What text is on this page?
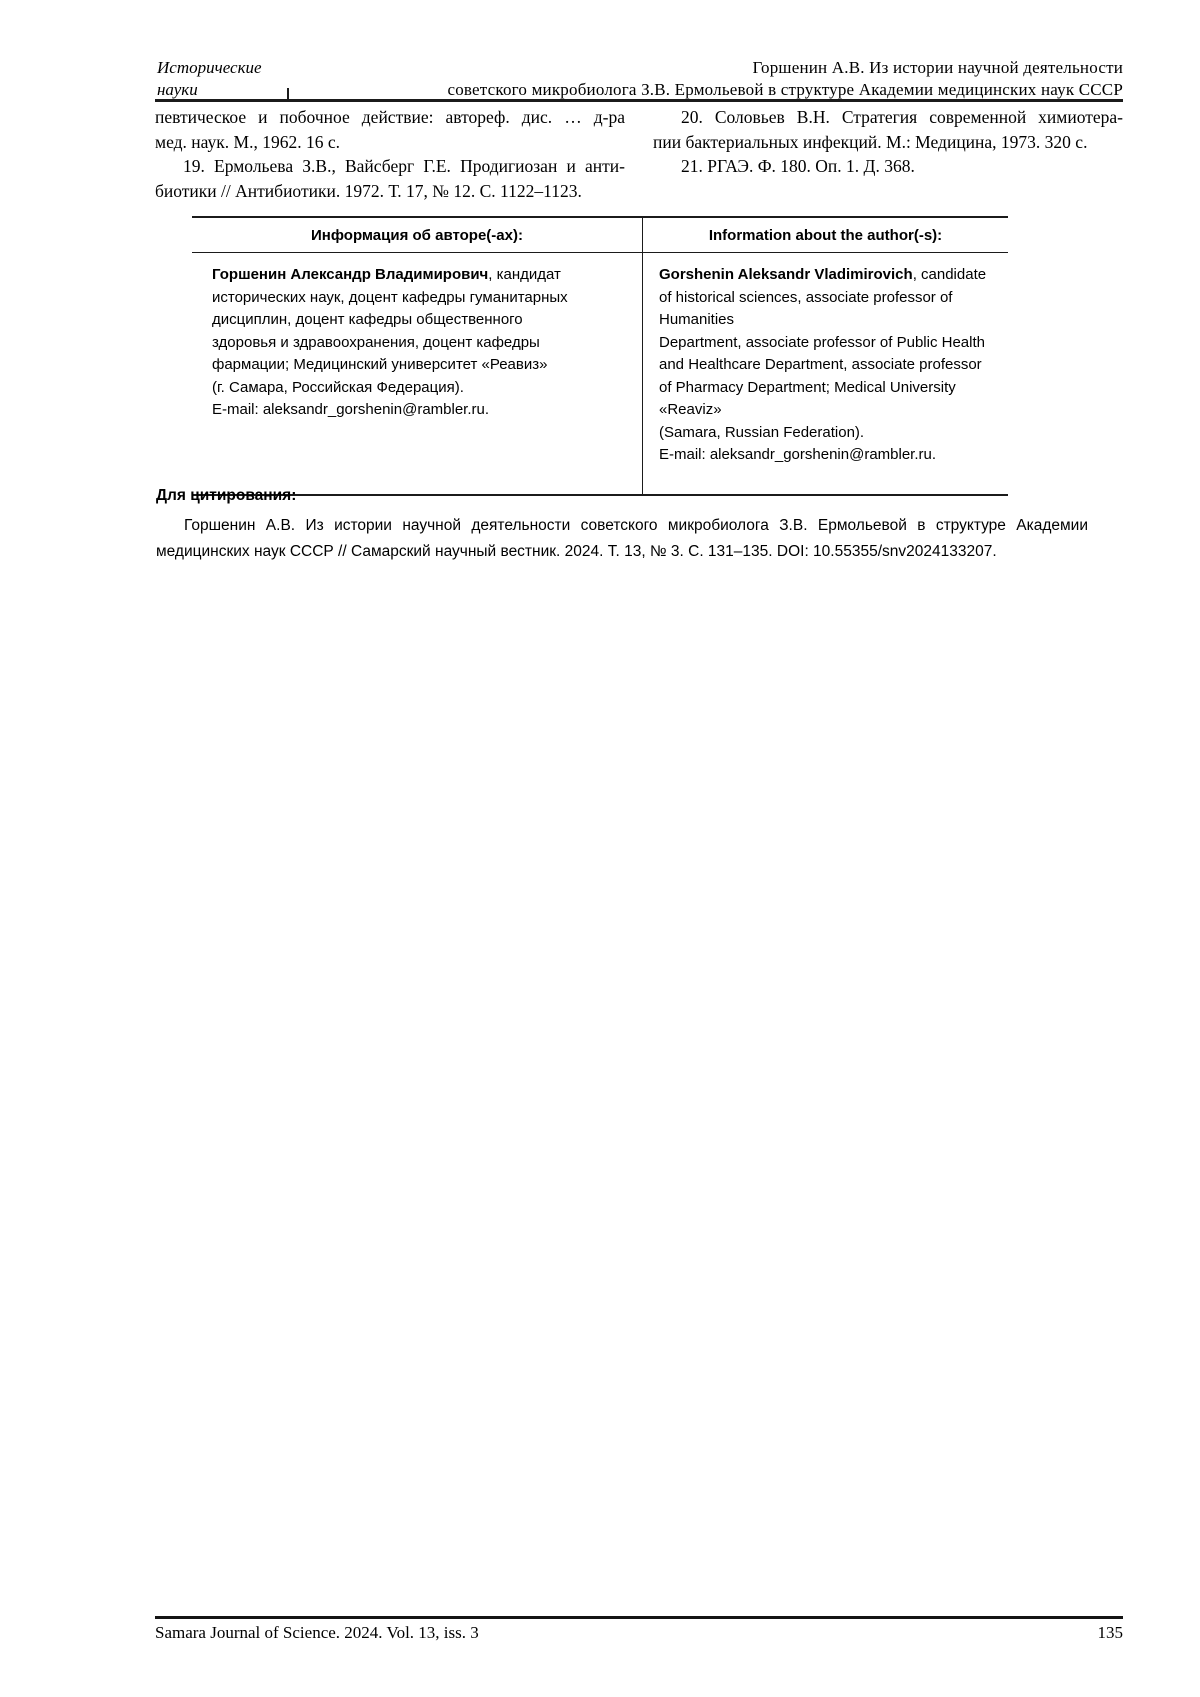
Исторические
науки
Горшенин А.В. Из истории научной деятельности
советского микробиолога З.В. Ермольевой в структуре Академии медицинских наук СССР
певтическое и побочное действие: автореф. дис. … д-ра
мед. наук. М., 1962. 16 с.
19. Ермольева З.В., Вайсберг Г.Е. Продигиозан и анти-
биотики // Антибиотики. 1972. Т. 17, № 12. С. 1122–1123.
20. Соловьев В.Н. Стратегия современной химиотера-
пии бактериальных инфекций. М.: Медицина, 1973. 320 с.
21. РГАЭ. Ф. 180. Оп. 1. Д. 368.
Информация об авторе(-ах):	Information about the author(-s):
Горшенин Александр Владимирович, кандидат
исторических наук, доцент кафедры гуманитарных
дисциплин, доцент кафедры общественного
здоровья и здравоохранения, доцент кафедры
фармации; Медицинский университет «Реавиз»
(г. Самара, Российская Федерация).
E-mail: aleksandr_gorshenin@rambler.ru.
Gorshenin Aleksandr Vladimirovich, candidate
of historical sciences, associate professor of Humanities
Department, associate professor of Public Health
and Healthcare Department, associate professor
of Pharmacy Department; Medical University «Reaviz»
(Samara, Russian Federation).
E-mail: aleksandr_gorshenin@rambler.ru.
Для цитирования:
Горшенин А.В. Из истории научной деятельности советского микробиолога З.В. Ермольевой в структуре Академии
медицинских наук СССР // Самарский научный вестник. 2024. Т. 13, № 3. С. 131–135. DOI: 10.55355/snv2024133207.
Samara Journal of Science. 2024. Vol. 13, iss. 3	135
